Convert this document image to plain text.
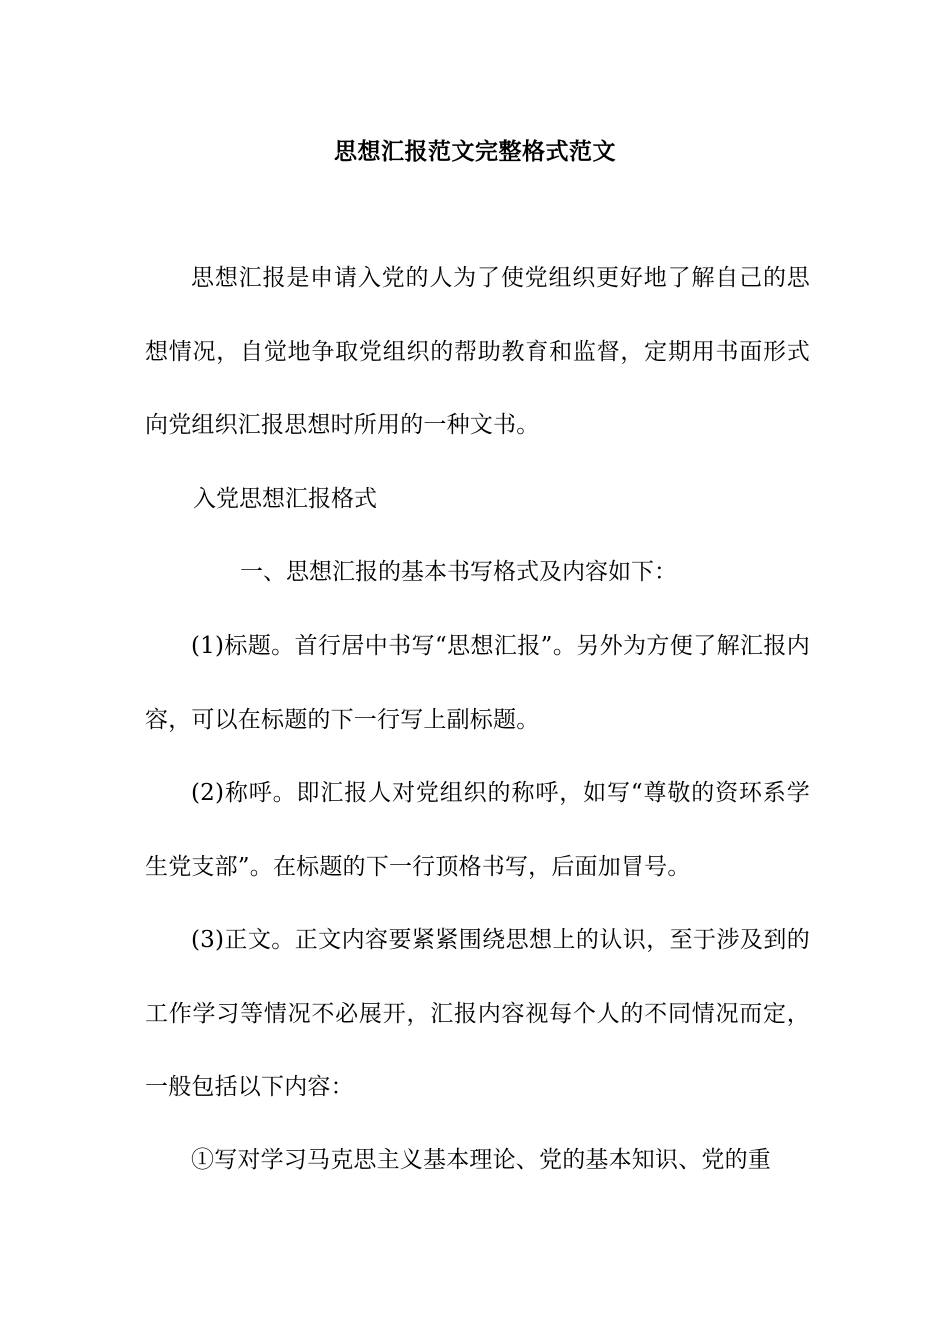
思想汇报范文完整格式范文

思想汇报是申请入党的人为了使党组织更好地了解自己的思想情况，自觉地争取党组织的帮助教育和监督，定期用书面形式向党组织汇报思想时所用的一种文书。

入党思想汇报格式

一、思想汇报的基本书写格式及内容如下：

(1)标题。首行居中书写“思想汇报”。另外为方便了解汇报内容，可以在标题的下一行写上副标题。

(2)称呼。即汇报人对党组织的称呼，如写“尊敬的资环系学生党支部”。在标题的下一行顶格书写，后面加冒号。

(3)正文。正文内容要紧紧围绕思想上的认识，至于涉及到的工作学习等情况不必展开，汇报内容视每个人的不同情况而定，一般包括以下内容：

①写对学习马克思主义基本理论、党的基本知识、党的重
